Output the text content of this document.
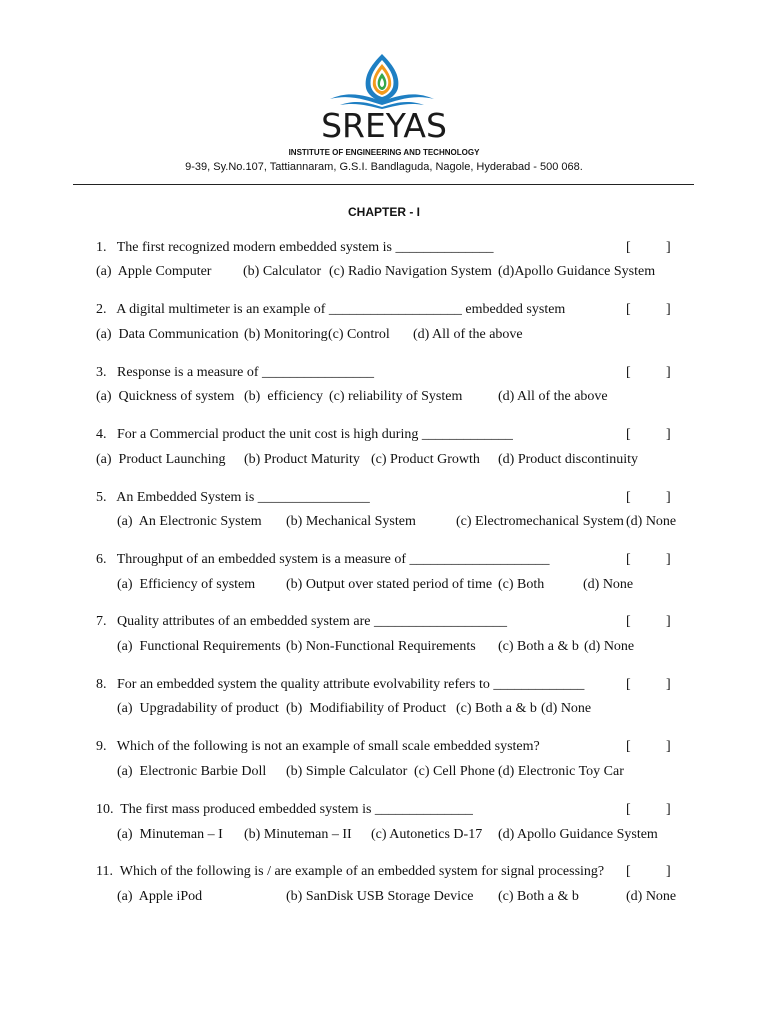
SREYAS
INSTITUTE OF ENGINEERING AND TECHNOLOGY
9-39, Sy.No.107, Tattiannaram, G.S.I. Bandlaguda, Nagole, Hyderabad - 500 068.
CHAPTER - I
1.   The first recognized modern embedded system is ______________	[	]
(a)  Apple Computer (b) Calculator (c) Radio Navigation System (d)Apollo Guidance System
2.   A digital multimeter is an example of ___________________ embedded system	[	]
(a)  Data Communication (b) Monitoring (c) Control (d) All of the above
3.   Response is a measure of ________________	[	]
(a)  Quickness of system (b)  efficiency (c) reliability of System	(d) All of the above
4.   For a Commercial product the unit cost is high during _____________	[	]
(a)  Product Launching (b) Product Maturity (c) Product Growth (d) Product discontinuity
5.   An Embedded System is ________________	[	]
(a)  An Electronic System (b) Mechanical System	(c) Electromechanical System (d) None
6.   Throughput of an embedded system is a measure of ____________________	[	]
(a)  Efficiency of system (b) Output over stated period of time (c) Both	(d) None
7.   Quality attributes of an embedded system are ___________________	[	]
(a)  Functional Requirements (b) Non-Functional Requirements (c) Both a & b (d) None
8.   For an embedded system the quality attribute evolvability refers to _____________	[	]
(a)  Upgradability of product (b)  Modifiability of Product (c) Both a & b (d) None
9.   Which of the following is not an example of small scale embedded system?	[	]
(a)  Electronic Barbie Doll (b) Simple Calculator (c) Cell Phone (d) Electronic Toy Car
10.  The first mass produced embedded system is ______________	[	]
(a)  Minuteman – I (b) Minuteman – II (c) Autonetics D-17 (d) Apollo Guidance System
11.  Which of the following is / are example of an embedded system for signal processing? [	]
(a)  Apple iPod	(b) SanDisk USB Storage Device (c) Both a & b	(d) None
